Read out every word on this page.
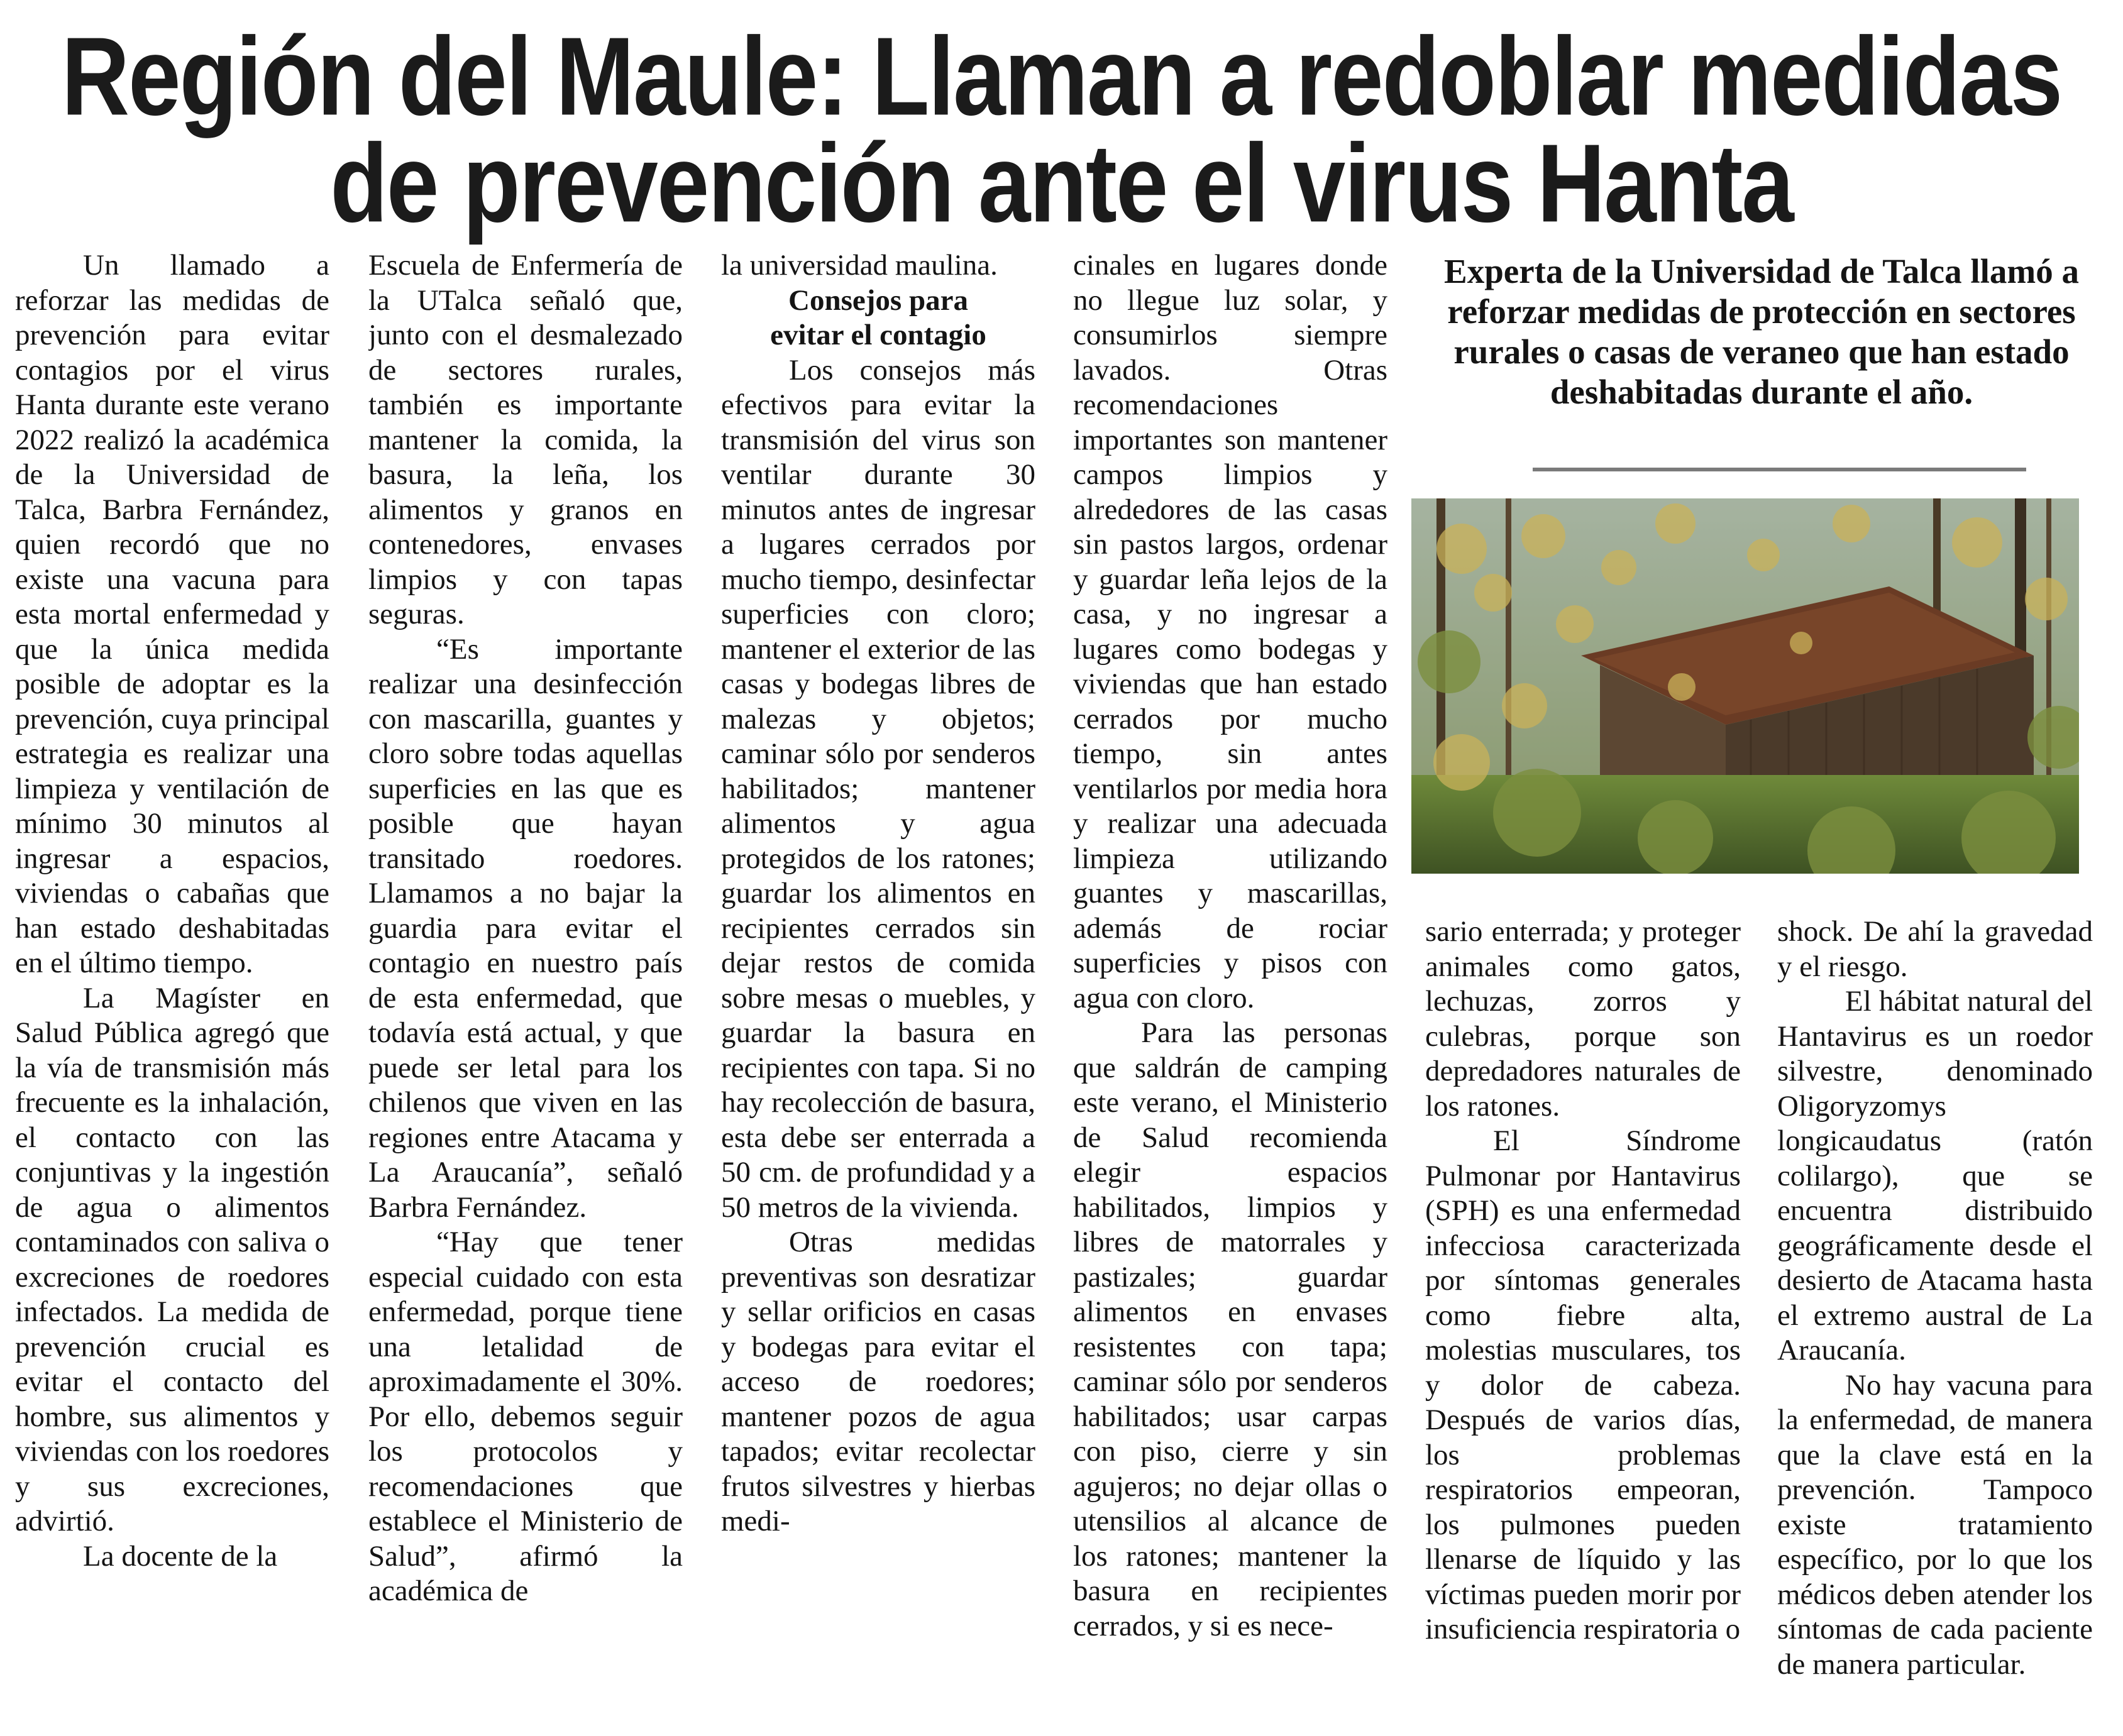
Región del Maule: Llaman a redoblar medidas
de prevención ante el virus Hanta

Un llamado a reforzar las medidas de prevención para evitar contagios por el virus Hanta durante este verano 2022 realizó la académica de la Universidad de Talca, Barbra Fernández, quien recordó que no existe una vacuna para esta mortal enfermedad y que la única medida posible de adoptar es la prevención, cuya principal estrategia es realizar una limpieza y ventilación de mínimo 30 minutos al ingresar a espacios, viviendas o cabañas que han estado deshabitadas en el último tiempo.

La Magíster en Salud Pública agregó que la vía de transmisión más frecuente es la inhalación, el contacto con las conjuntivas y la ingestión de agua o alimentos contaminados con saliva o excreciones de roedores infectados. La medida de prevención crucial es evitar el contacto del hombre, sus alimentos y viviendas con los roedores y sus excreciones, advirtió.

La docente de la

Escuela de Enfermería de la UTalca señaló que, junto con el desmalezado de sectores rurales, también es importante mantener la comida, la basura, la leña, los alimentos y granos en contenedores, envases limpios y con tapas seguras.

“Es importante realizar una desinfección con mascarilla, guantes y cloro sobre todas aquellas superficies en las que es posible que hayan transitado roedores. Llamamos a no bajar la guardia para evitar el contagio en nuestro país de esta enfermedad, que todavía está actual, y que puede ser letal para los chilenos que viven en las regiones entre Atacama y La Araucanía”, señaló Barbra Fernández.

“Hay que tener especial cuidado con esta enfermedad, porque tiene una letalidad de aproximadamente el 30%. Por ello, debemos seguir los protocolos y recomendaciones que establece el Ministerio de Salud”, afirmó la académica de

la universidad maulina.

Consejos para
evitar el contagio

Los consejos más efectivos para evitar la transmisión del virus son ventilar durante 30 minutos antes de ingresar a lugares cerrados por mucho tiempo, desinfectar superficies con cloro; mantener el exterior de las casas y bodegas libres de malezas y objetos; caminar sólo por senderos habilitados; mantener alimentos y agua protegidos de los ratones; guardar los alimentos en recipientes cerrados sin dejar restos de comida sobre mesas o muebles, y guardar la basura en recipientes con tapa. Si no hay recolección de basura, esta debe ser enterrada a 50 cm. de profundidad y a 50 metros de la vivienda.

Otras medidas preventivas son desratizar y sellar orificios en casas y bodegas para evitar el acceso de roedores; mantener pozos de agua tapados; evitar recolectar frutos silvestres y hierbas medi-

cinales en lugares donde no llegue luz solar, y consumirlos siempre lavados. Otras recomendaciones importantes son mantener campos limpios y alrededores de las casas sin pastos largos, ordenar y guardar leña lejos de la casa, y no ingresar a lugares como bodegas y viviendas que han estado cerrados por mucho tiempo, sin antes ventilarlos por media hora y realizar una adecuada limpieza utilizando guantes y mascarillas, además de rociar superficies y pisos con agua con cloro.

Para las personas que saldrán de camping este verano, el Ministerio de Salud recomienda elegir espacios habilitados, limpios y libres de matorrales y pastizales; guardar alimentos en envases resistentes con tapa; caminar sólo por senderos habilitados; usar carpas con piso, cierre y sin agujeros; no dejar ollas o utensilios al alcance de los ratones; mantener la basura en recipientes cerrados, y si es nece-

Experta de la Universidad de Talca llamó a reforzar medidas de protección en sectores rurales o casas de veraneo que han estado deshabitadas durante el año.

sario enterrada; y proteger animales como gatos, lechuzas, zorros y culebras, porque son depredadores naturales de los ratones.

El Síndrome Pulmonar por Hantavirus (SPH) es una enfermedad infecciosa caracterizada por síntomas generales como fiebre alta, molestias musculares, tos y dolor de cabeza. Después de varios días, los problemas respiratorios empeoran, los pulmones pueden llenarse de líquido y las víctimas pueden morir por insuficiencia respiratoria o

shock. De ahí la gravedad y el riesgo.

El hábitat natural del Hantavirus es un roedor silvestre, denominado Oligoryzomys longicaudatus (ratón colilargo), que se encuentra distribuido geográficamente desde el desierto de Atacama hasta el extremo austral de La Araucanía.

No hay vacuna para la enfermedad, de manera que la clave está en la prevención. Tampoco existe tratamiento específico, por lo que los médicos deben atender los síntomas de cada paciente de manera particular.
